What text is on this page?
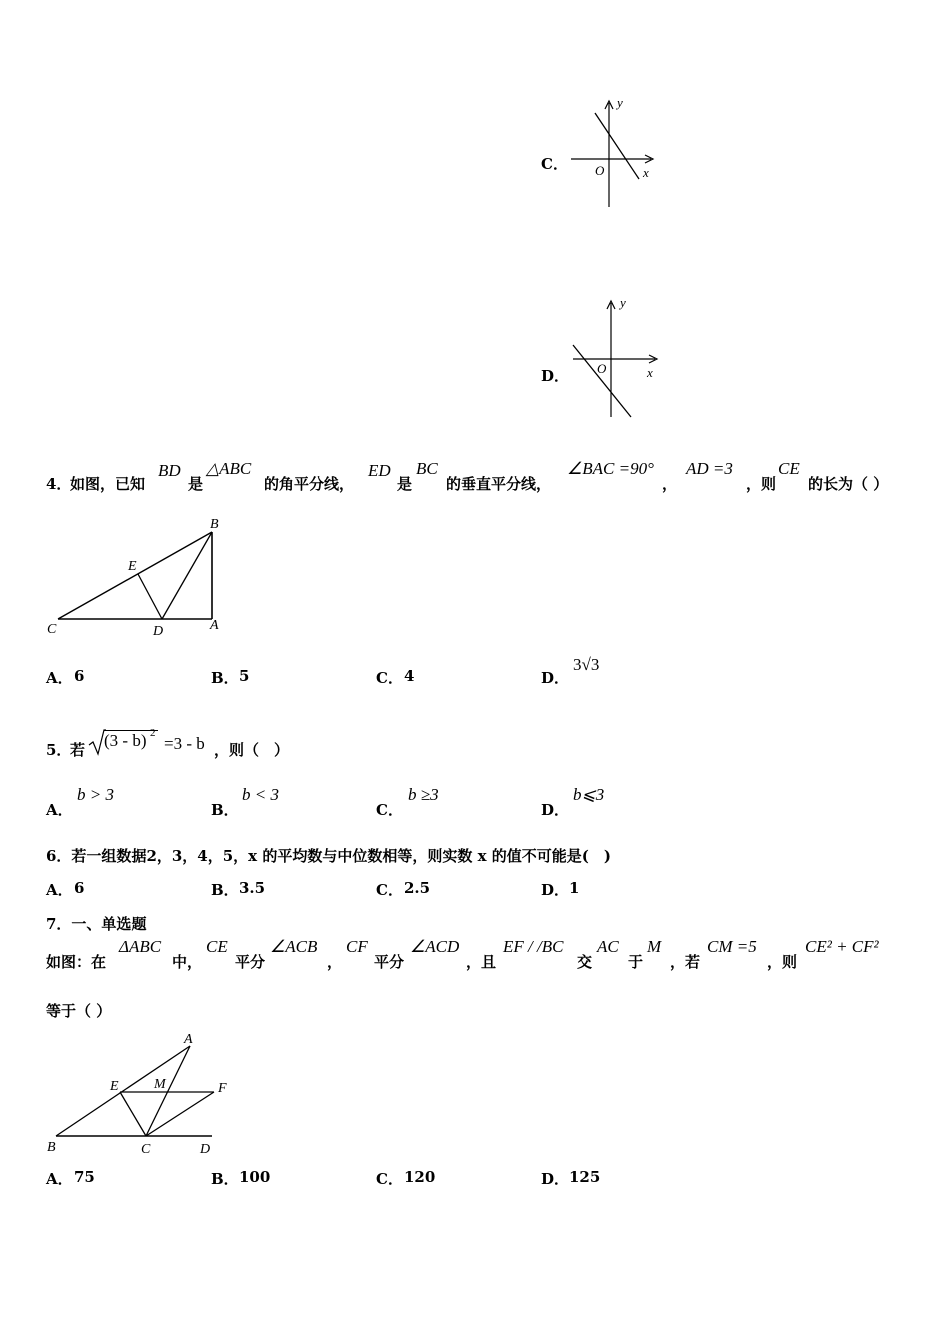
C．
y
x
O
D．
y
x
O
4．
如图，已知
BD
是
△ABC
的角平分线，
ED
是
BC
的垂直平分线，
∠BAC =90°
，
AD =3
，则
CE
的长为（ ）
B
E
C	D	A
A． 6	B． 5	C． 4	D．
3√3
5．
若 (3 - b) 2
=3 - b ，则（　）
A．
b > 3
B．
b < 3
C．
b ≥3
D．
b⩽3
6．若一组数据2，3，4，5，x 的平均数与中位数相等，则实数 x 的值不可能是(　)
A． 6	B． 3.5	C． 2.5	D． 1
7．一、单选题
如图：在
ΔABC
中，
CE
平分
∠ACB
，
CF
平分
∠ACD
，且
EF / /BC
交
AC
于
M
，若
CM =5
，则
CE² + CF²
等于（ ）
A
E	M	F
B	C	D
A． 75	B． 100	C． 120	D． 125
